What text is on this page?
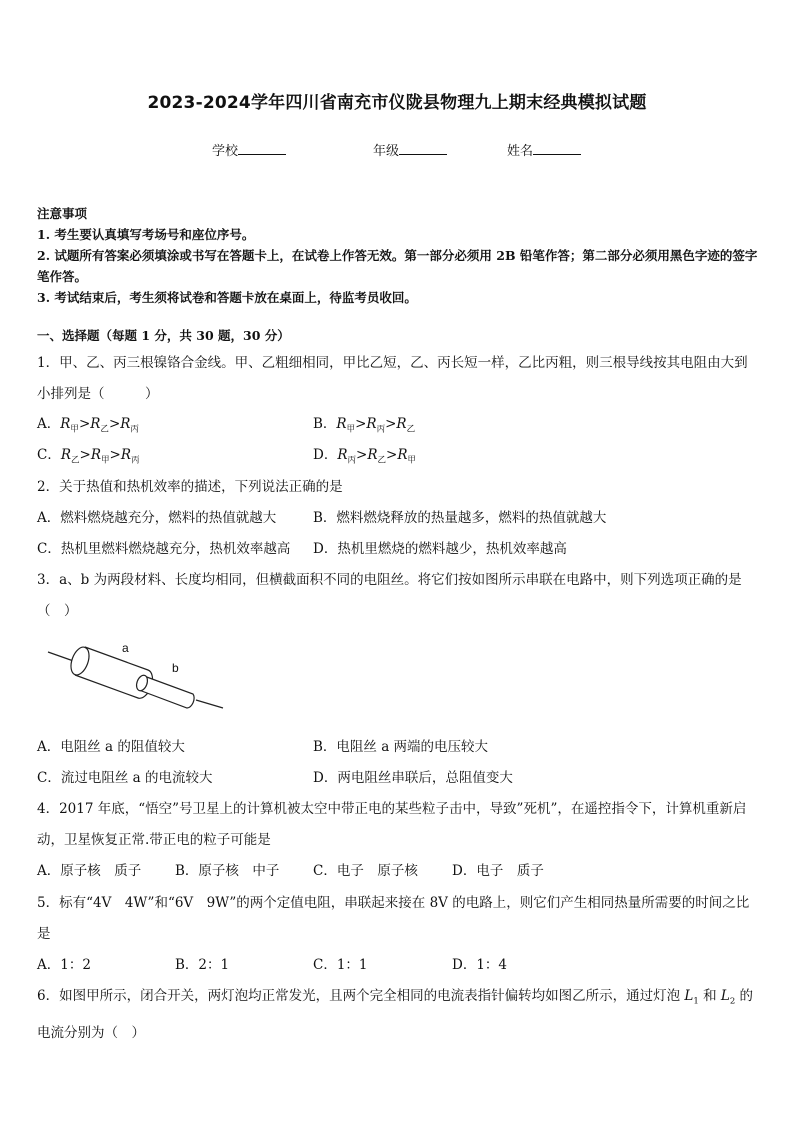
2023-2024学年四川省南充市仪陇县物理九上期末经典模拟试题
学校	年级	姓名
注意事项
1. 考生要认真填写考场号和座位序号。
2. 试题所有答案必须填涂或书写在答题卡上，在试卷上作答无效。第一部分必须用 2B 铅笔作答；第二部分必须用黑色字迹的签字笔作答。
3. 考试结束后，考生须将试卷和答题卡放在桌面上，待监考员收回。
一、选择题（每题 1 分，共 30 题，30 分）
1．甲、乙、丙三根镍铬合金线。甲、乙粗细相同，甲比乙短，乙、丙长短一样，乙比丙粗，则三根导线按其电阻由大到小排列是（　　　）
A．$R_甲>R_乙>R_丙$	B．$R_甲>R_丙>R_乙$
C．$R_乙>R_甲>R_丙$	D．$R_丙>R_乙>R_甲$
2．关于热值和热机效率的描述，下列说法正确的是
A．燃料燃烧越充分，燃料的热值就越大	B．燃料燃烧释放的热量越多，燃料的热值就越大
C．热机里燃料燃烧越充分，热机效率越高 D．热机里燃烧的燃料越少，热机效率越高
3．a、b 为两段材料、长度均相同，但横截面积不同的电阻丝。将它们按如图所示串联在电路中，则下列选项正确的是（　）
a
b
A．电阻丝 a 的阻值较大	B．电阻丝 a 两端的电压较大
C．流过电阻丝 a 的电流较大	D．两电阻丝串联后，总阻值变大
4．2017 年底，“悟空”号卫星上的计算机被太空中带正电的某些粒子击中，导致”死机”，在遥控指令下，计算机重新启动，卫星恢复正常.带正电的粒子可能是
A．原子核　质子	B．原子核　中子 C．电子　原子核	D．电子　质子
5．标有“4V　4W”和“6V　9W”的两个定值电阻，串联起来接在 8V 的电路上，则它们产生相同热量所需要的时间之比是
A．1：2	B．2：1	C．1：1	D．1：4
6．如图甲所示，闭合开关，两灯泡均正常发光，且两个完全相同的电流表指针偏转均如图乙所示，通过灯泡 $L_1$ 和 $L_2$ 的电流分别为（　）
